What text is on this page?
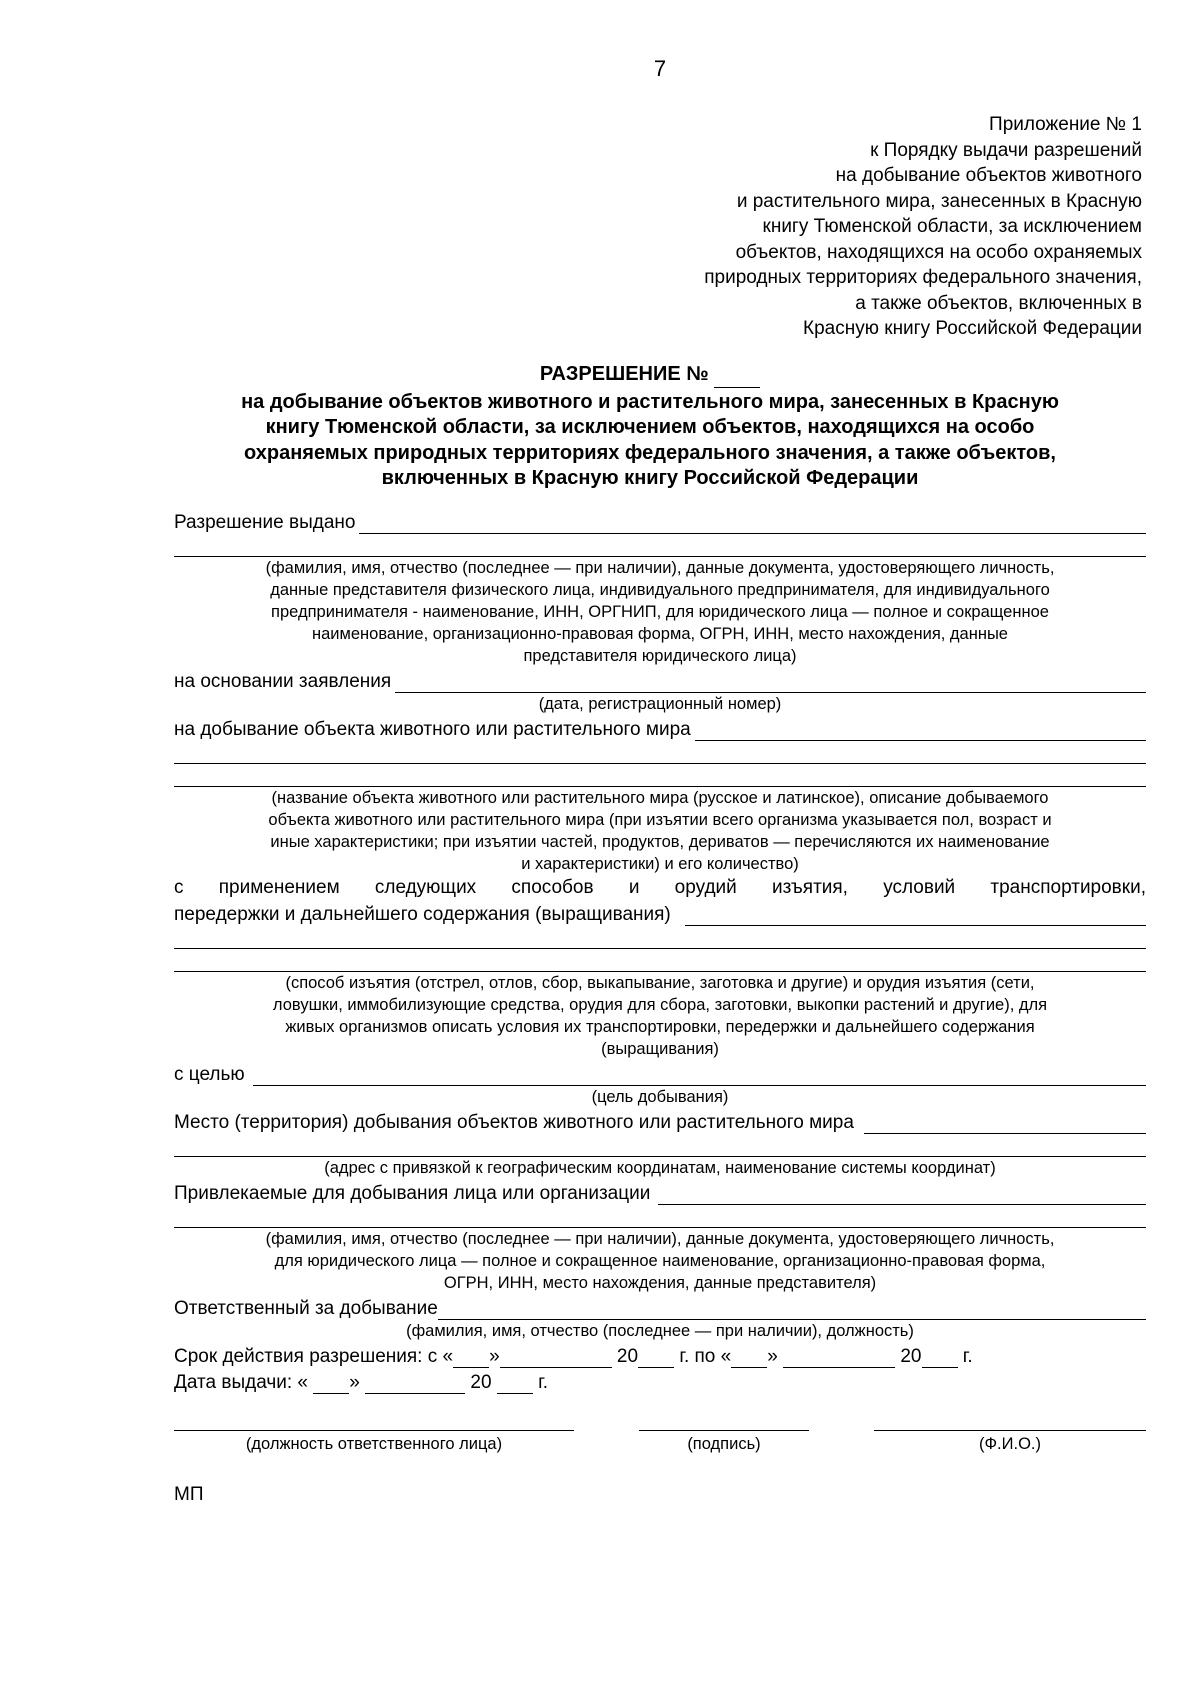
7
Приложение № 1
к Порядку выдачи разрешений
на добывание объектов животного
и растительного мира, занесенных в Красную
книгу Тюменской области, за исключением
объектов, находящихся на особо охраняемых
природных территориях федерального значения,
а также объектов, включенных в
Красную книгу Российской Федерации
РАЗРЕШЕНИЕ №
на добывание объектов животного и растительного мира, занесенных в Красную
книгу Тюменской области, за исключением объектов, находящихся на особо
охраняемых природных территориях федерального значения, а также объектов,
включенных в Красную книгу Российской Федерации
Разрешение выдано
(фамилия, имя, отчество (последнее — при наличии), данные документа, удостоверяющего личность,
данные представителя физического лица, индивидуального предпринимателя, для индивидуального
предпринимателя - наименование, ИНН, ОРГНИП, для юридического лица — полное и сокращенное
наименование, организационно-правовая форма, ОГРН, ИНН, место нахождения, данные
представителя юридического лица)
на основании заявления
(дата, регистрационный номер)
на добывание объекта животного или растительного мира
(название объекта животного или растительного мира (русское и латинское), описание добываемого
объекта животного или растительного мира (при изъятии всего организма указывается пол, возраст и
иные характеристики; при изъятии частей, продуктов, дериватов — перечисляются их наименование
и характеристики) и его количество)
с применением следующих способов и орудий изъятия, условий транспортировки,
передержки и дальнейшего содержания (выращивания)
(способ изъятия (отстрел, отлов, сбор, выкапывание, заготовка и другие) и орудия изъятия (сети,
ловушки, иммобилизующие средства, орудия для сбора, заготовки, выкопки растений и другие), для
живых организмов описать условия их транспортировки, передержки и дальнейшего содержания
(выращивания)
с целью
(цель добывания)
Место (территория) добывания объектов животного или растительного мира
(адрес с привязкой к географическим координатам, наименование системы координат)
Привлекаемые для добывания лица или организации
(фамилия, имя, отчество (последнее — при наличии), данные документа, удостоверяющего личность,
для юридического лица — полное и сокращенное наименование, организационно-правовая форма,
ОГРН, ИНН, место нахождения, данные представителя)
Ответственный за добывание
(фамилия, имя, отчество (последнее — при наличии), должность)
Срок действия разрешения: с « »	20 г. по « »	20 г.
Дата выдачи: « »	20  г.
(должность ответственного лица)	(подпись)	(Ф.И.О.)
МП
